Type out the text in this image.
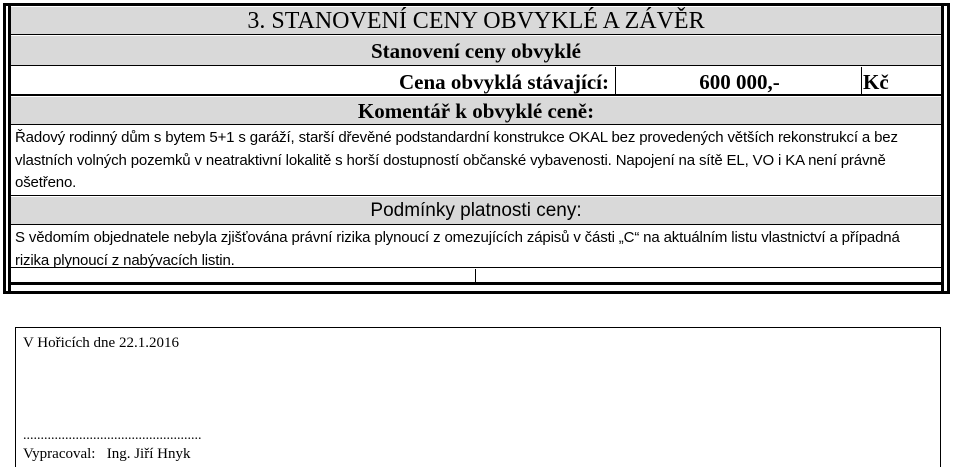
3. STANOVENÍ CENY OBVYKLÉ A ZÁVĚR
Stanovení ceny obvyklé
Cena obvyklá stávající:	600 000,-	Kč
Komentář k obvyklé ceně:
Řadový rodinný dům s bytem 5+1 s garáží, starší dřevěné podstandardní konstrukce OKAL bez provedených větších rekonstrukcí a bez vlastních volných pozemků v neatraktivní lokalitě s horší dostupností občanské vybavenosti. Napojení na sítě EL, VO i KA není právně ošetřeno.
Podmínky platnosti ceny:
S vědomím objednatele nebyla zjišťována právní rizika plynoucí z omezujících zápisů v části „C“ na aktuálním listu vlastnictví a případná rizika plynoucí z nabývacích listin.
V Hořicích dne 22.1.2016
...................................................
Vypracoval:   Ing. Jiří Hnyk
